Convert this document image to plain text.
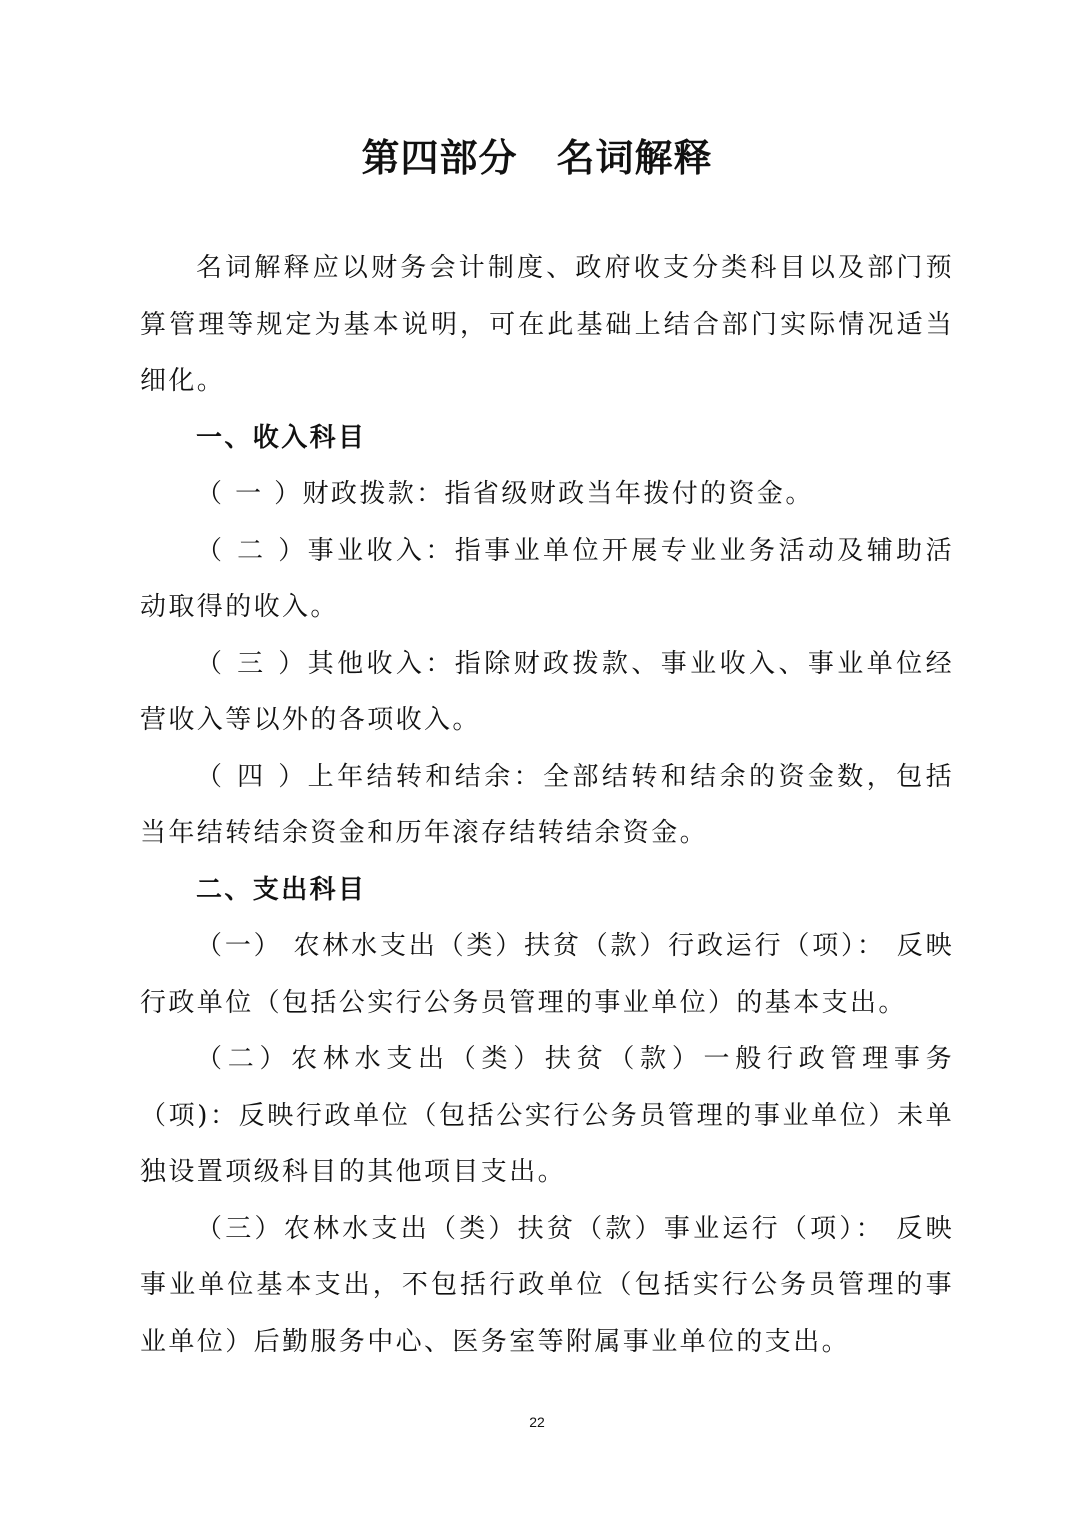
第四部分　名词解释

名词解释应以财务会计制度、政府收支分类科目以及部门预算管理等规定为基本说明，可在此基础上结合部门实际情况适当细化。

一、收入科目

（ 一 ）财政拨款：指省级财政当年拨付的资金。

（ 二 ）事业收入：指事业单位开展专业业务活动及辅助活动取得的收入。

（ 三 ）其他收入：指除财政拨款、事业收入、事业单位经营收入等以外的各项收入。

（ 四 ）上年结转和结余：全部结转和结余的资金数，包括当年结转结余资金和历年滚存结转结余资金。

二、支出科目

（一） 农林水支出（类）扶贫（款）行政运行（项）： 反映行政单位（包括公实行公务员管理的事业单位）的基本支出。

（二）农林水支出（类）扶贫（款）一般行政管理事务（项)：反映行政单位（包括公实行公务员管理的事业单位）未单独设置项级科目的其他项目支出。

（三）农林水支出（类）扶贫（款）事业运行（项）： 反映事业单位基本支出，不包括行政单位（包括实行公务员管理的事业单位）后勤服务中心、医务室等附属事业单位的支出。

22
